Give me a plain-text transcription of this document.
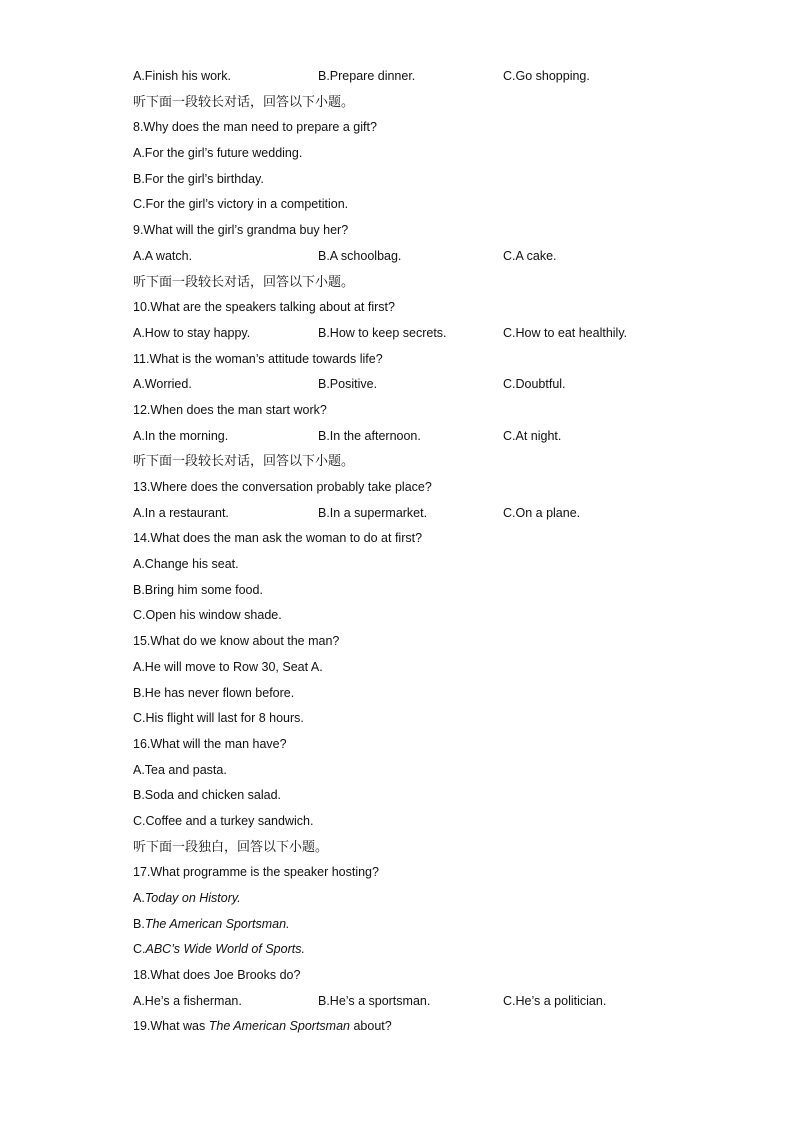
A.Finish his work.	B.Prepare dinner.	C.Go shopping.
听下面一段较长对话，回答以下小题。
8.Why does the man need to prepare a gift?
A.For the girl’s future wedding.
B.For the girl’s birthday.
C.For the girl’s victory in a competition.
9.What will the girl’s grandma buy her?
A.A watch.	B.A schoolbag.	C.A cake.
听下面一段较长对话，回答以下小题。
10.What are the speakers talking about at first?
A.How to stay happy.	B.How to keep secrets.	C.How to eat healthily.
11.What is the woman’s attitude towards life?
A.Worried.	B.Positive.	C.Doubtful.
12.When does the man start work?
A.In the morning.	B.In the afternoon.	C.At night.
听下面一段较长对话，回答以下小题。
13.Where does the conversation probably take place?
A.In a restaurant.	B.In a supermarket.	C.On a plane.
14.What does the man ask the woman to do at first?
A.Change his seat.
B.Bring him some food.
C.Open his window shade.
15.What do we know about the man?
A.He will move to Row 30, Seat A.
B.He has never flown before.
C.His flight will last for 8 hours.
16.What will the man have?
A.Tea and pasta.
B.Soda and chicken salad.
C.Coffee and a turkey sandwich.
听下面一段独白，回答以下小题。
17.What programme is the speaker hosting?
A.Today on History.
B.The American Sportsman.
C.ABC’s Wide World of Sports.
18.What does Joe Brooks do?
A.He’s a fisherman.	B.He’s a sportsman.	C.He’s a politician.
19.What was The American Sportsman about?
